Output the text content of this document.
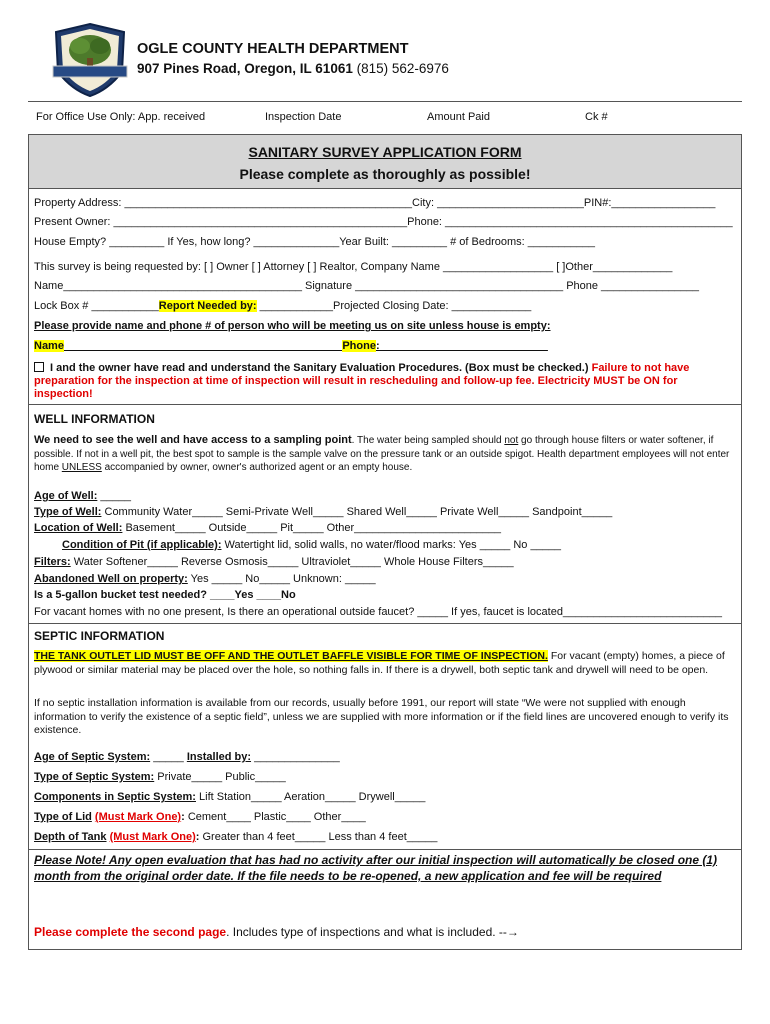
OGLE COUNTY HEALTH DEPARTMENT
907 Pines Road, Oregon, IL 61061 (815) 562-6976
For Office Use Only: App. received	Inspection Date	Amount Paid	Ck #
SANITARY SURVEY APPLICATION FORM
Please complete as thoroughly as possible!
Property Address: _______________________________________________City: ________________________PIN#:_________________
Present Owner: ________________________________________________Phone: _______________________________________________
House Empty? _________ If Yes, how long? ______________Year Built: _________ # of Bedrooms: ___________
This survey is being requested by: [ ] Owner [ ] Attorney [ ] Realtor, Company Name __________________ [ ]Other_____________
Name_______________________________________ Signature __________________________________ Phone ________________
Lock Box # ___________Report Needed by: ____________Projected Closing Date: _____________
Please provide name and phone # of person who will be meeting us on site unless house is empty:
Name _____________________________________________Phone: ___________________________
I and the owner have read and understand the Sanitary Evaluation Procedures. (Box must be checked.) Failure to not have preparation for the inspection at time of inspection will result in rescheduling and follow-up fee. Electricity MUST be ON for inspection!
WELL INFORMATION
We need to see the well and have access to a sampling point. The water being sampled should not go through house filters or water softener, if possible. If not in a well pit, the best spot to sample is the sample valve on the pressure tank or an outside spigot. Health department employees will not enter home UNLESS accompanied by owner, owner's authorized agent or an empty house.
Age of Well: _____
Type of Well: Community Water_____ Semi-Private Well_____ Shared Well_____ Private Well_____ Sandpoint_____
Location of Well: Basement_____ Outside_____ Pit_____ Other________________________
Condition of Pit (if applicable): Watertight lid, solid walls, no water/flood marks: Yes _____ No _____
Filters: Water Softener_____ Reverse Osmosis_____ Ultraviolet_____ Whole House Filters_____
Abandoned Well on property: Yes _____ No_____ Unknown: _____
Is a 5-gallon bucket test needed? ____Yes ____No
For vacant homes with no one present, Is there an operational outside faucet? _____ If yes, faucet is located__________________________
SEPTIC INFORMATION
THE TANK OUTLET LID MUST BE OFF AND THE OUTLET BAFFLE VISIBLE FOR TIME OF INSPECTION. For vacant (empty) homes, a piece of plywood or similar material may be placed over the hole, so nothing falls in. If there is a drywell, both septic tank and drywell will need to be open.
If no septic installation information is available from our records, usually before 1991, our report will state “We were not supplied with enough information to verify the existence of a septic field”, unless we are supplied with more information or if the field lines are uncovered enough to verify its existence.
Age of Septic System: _____ Installed by: ______________
Type of Septic System: Private_____ Public_____
Components in Septic System: Lift Station_____ Aeration_____ Drywell_____
Type of Lid (Must Mark One): Cement____ Plastic____ Other____
Depth of Tank (Must Mark One): Greater than 4 feet_____ Less than 4 feet_____
Please Note! Any open evaluation that has had no activity after our initial inspection will automatically be closed one (1) month from the original order date. If the file needs to be re-opened, a new application and fee will be required
Please complete the second page. Includes type of inspections and what is included. --→
